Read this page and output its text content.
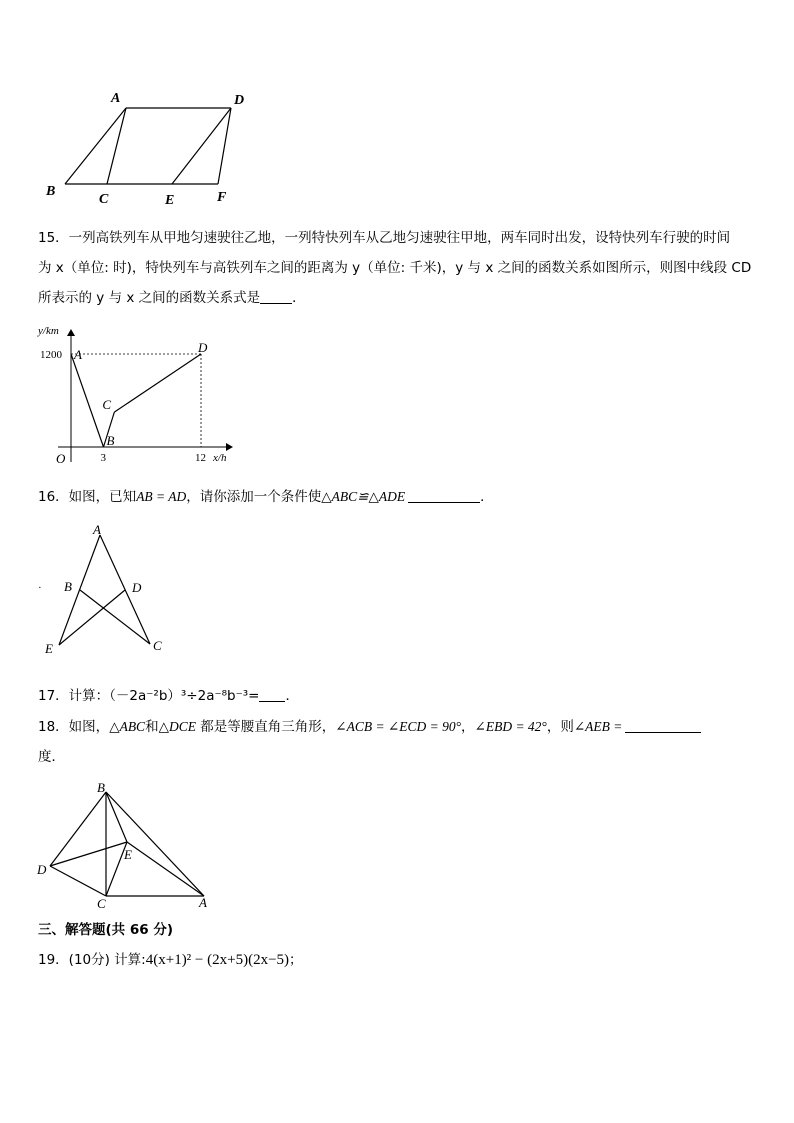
A	D
B
C	E	F
15．一列高铁列车从甲地匀速驶往乙地，一列特快列车从乙地匀速驶往甲地，两车同时出发，设特快列车行驶的时间
为 x（单位: 时)，特快列车与高铁列车之间的距离为 y（单位: 千米)，y 与 x 之间的函数关系如图所示，则图中线段 CD
所表示的 y 与 x 之间的函数关系式是 ．
y/km
x/h
O
1200
3	12
A
B
C
D
16．如图，已知AB = AD，请你添加一个条件使△ABC≌△ADE	．
A
B	D
E	C
·
17．计算：（－2a⁻²b）³÷2a⁻⁸b⁻³= ．
18．如图，△ABC和△DCE 都是等腰直角三角形，∠ACB = ∠ECD = 90°，∠EBD = 42°，则∠AEB =
度．
B
D
E
C	A
三、解答题(共 66 分)
19．(10分) 计算:4(x+1)² − (2x+5)(2x−5)；
